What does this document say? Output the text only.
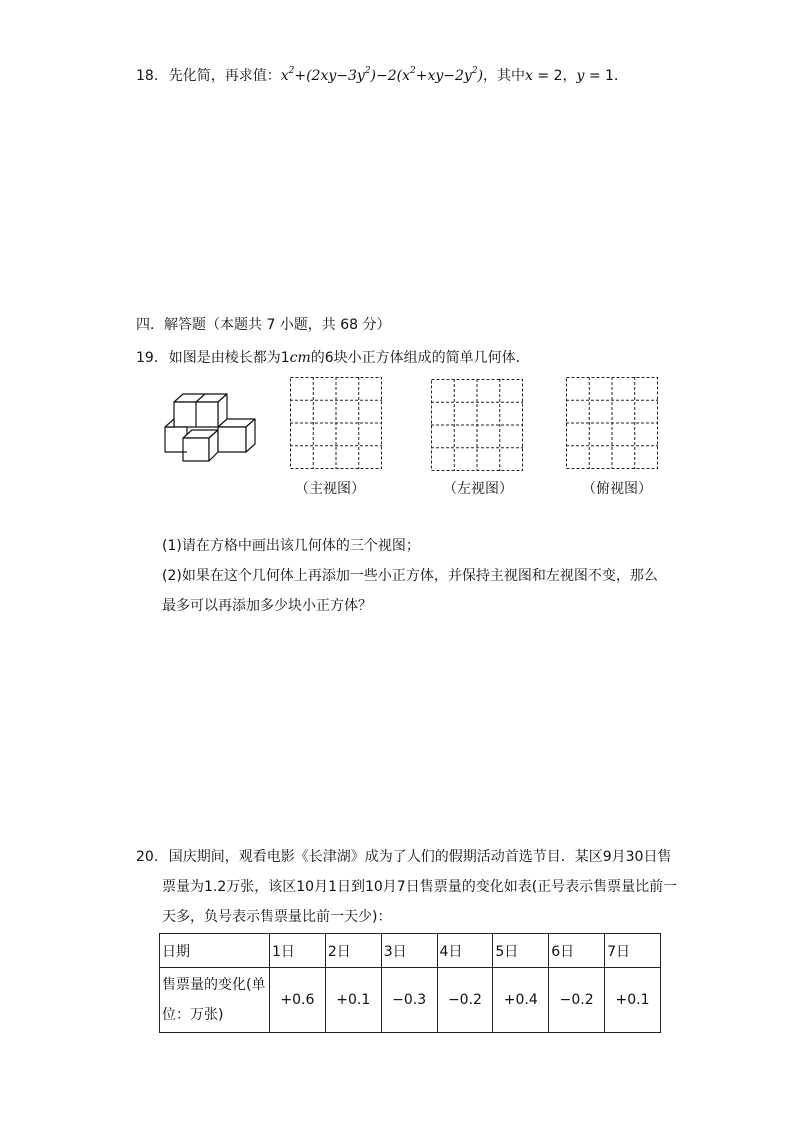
18. 先化简，再求值：$x^2+(2xy-3y^2)-2(x^2+xy-2y^2)$，其中x = 2，y = 1．
四．解答题（本题共 7 小题，共 68 分）
19. 如图是由棱长都为1cm的6块小正方体组成的简单几何体．
（主视图）	（左视图）	（俯视图）
(1)请在方格中画出该几何体的三个视图；
(2)如果在这个几何体上再添加一些小正方体，并保持主视图和左视图不变，那么
最多可以再添加多少块小正方体？
20. 国庆期间，观看电影《长津湖》成为了人们的假期活动首选节目．某区9月30日售
票量为1.2万张，该区10月1日到10月7日售票量的变化如表(正号表示售票量比前一
天多，负号表示售票量比前一天少)：
日期	1日	2日	3日	4日	5日	6日	7日
售票量的变化(单
位：万张)	+0.6	+0.1	−0.3	−0.2	+0.4	−0.2	+0.1
